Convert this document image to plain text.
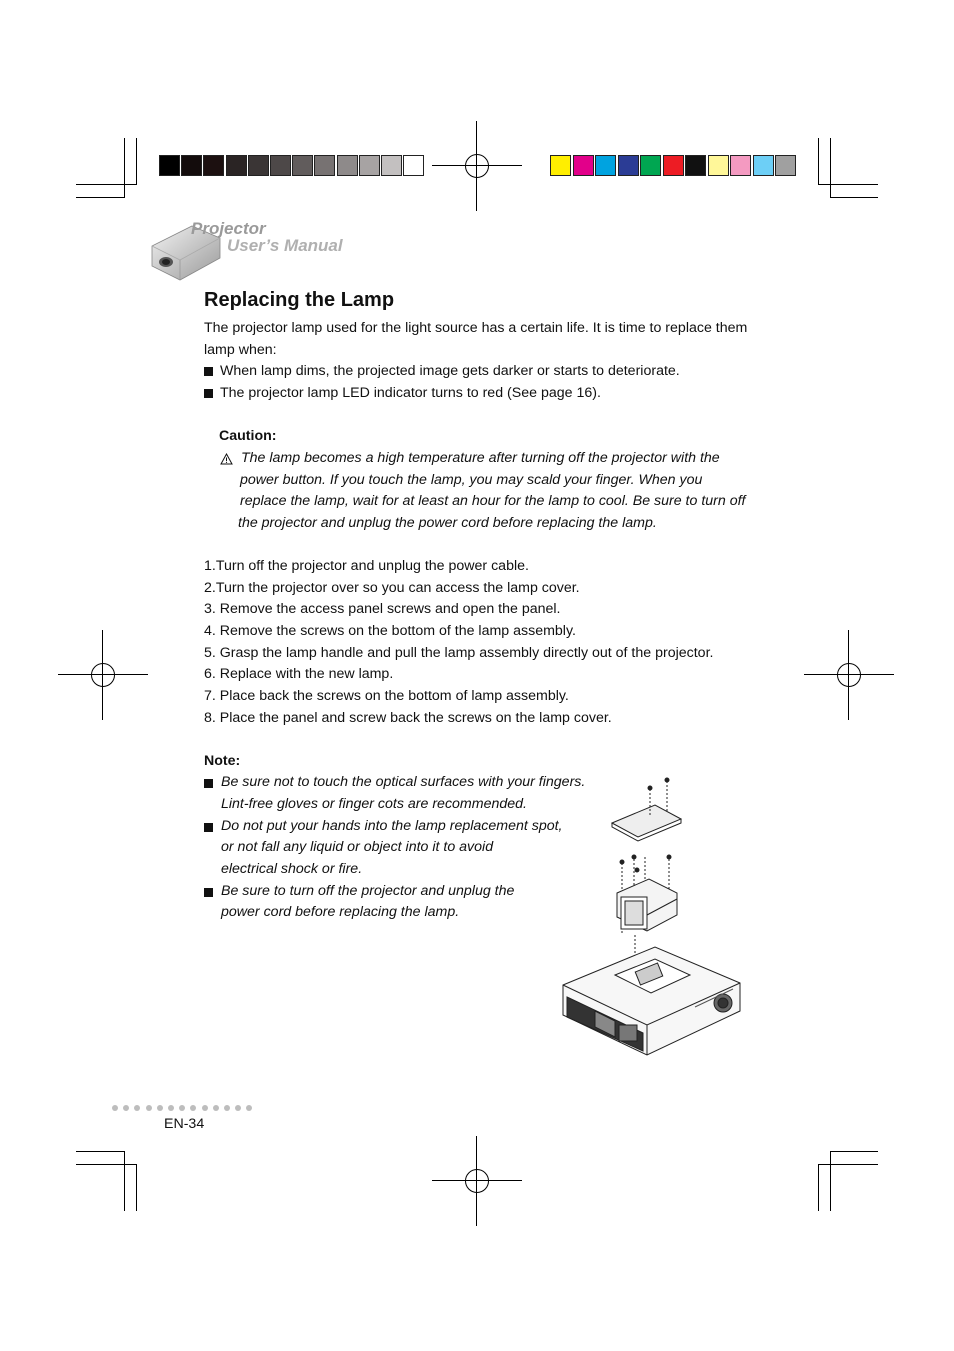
Projector
User’s Manual
Replacing the Lamp
The projector lamp used for the light source has a certain life. It is time to replace them
lamp when:
When lamp dims, the projected image gets darker or starts to deteriorate.
The projector lamp LED indicator turns to red (See page 16).
Caution:
The lamp becomes a high temperature after turning off the projector with the
power button. If you touch the lamp, you may scald your finger. When you
replace the lamp, wait for at least an hour for the lamp to cool. Be sure to turn off
the projector and unplug the power cord before replacing the lamp.
1.Turn off the projector and unplug the power cable.
2.Turn the projector over so you can access the lamp cover.
3. Remove the access panel screws and open the panel.
4. Remove the screws on the bottom of the lamp assembly.
5. Grasp the lamp handle and pull the lamp assembly directly out of the projector.
6. Replace with the new lamp.
7. Place back the screws on the bottom of lamp assembly.
8. Place the panel and screw back the screws on the lamp cover.
Note:
Be sure not to touch the optical surfaces with your fingers.
Lint-free gloves or finger cots are recommended.
Do not put your hands into the lamp replacement spot,
or not fall any liquid or object into it to avoid
electrical shock or fire.
Be sure to turn off the projector and unplug the
power cord before replacing the lamp.
EN-34
